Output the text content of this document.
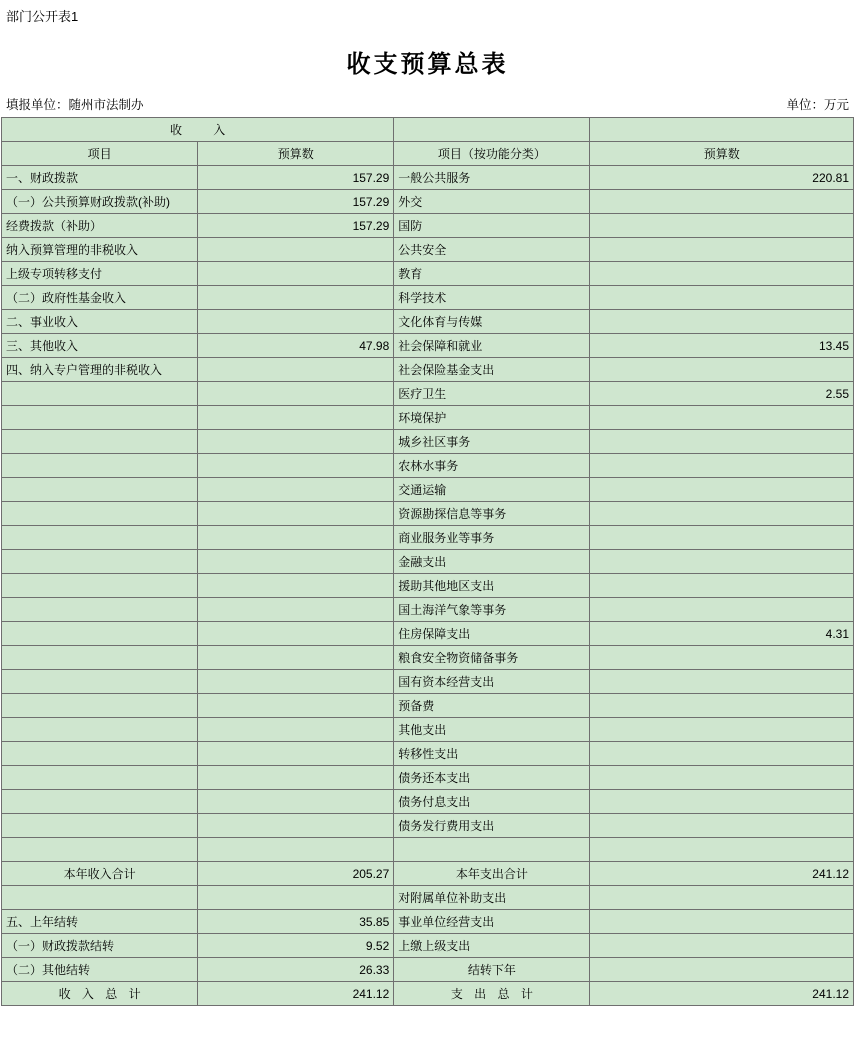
部门公开表1
收支预算总表
填报单位：随州市法制办	单位：万元
收 入			
项目	预算数	项目（按功能分类）	预算数
一、财政拨款	157.29	一般公共服务	220.81
（一）公共预算财政拨款(补助)	157.29	外交	
经费拨款（补助）	157.29	国防	
纳入预算管理的非税收入		公共安全	
上级专项转移支付		教育	
（二）政府性基金收入		科学技术	
二、事业收入		文化体育与传媒	
三、其他收入	47.98	社会保障和就业	13.45
四、纳入专户管理的非税收入		社会保险基金支出	
		医疗卫生	2.55
		环境保护	
		城乡社区事务	
		农林水事务	
		交通运输	
		资源勘探信息等事务	
		商业服务业等事务	
		金融支出	
		援助其他地区支出	
		国土海洋气象等事务	
		住房保障支出	4.31
		粮食安全物资储备事务	
		国有资本经营支出	
		预备费	
		其他支出	
		转移性支出	
		债务还本支出	
		债务付息支出	
		债务发行费用支出	

本年收入合计	205.27	本年支出合计	241.12
		对附属单位补助支出	
五、上年结转	35.85	事业单位经营支出	
（一）财政拨款结转	9.52	上缴上级支出	
（二）其他结转	26.33	结转下年	
收 入 总 计	241.12	支 出 总 计	241.12
